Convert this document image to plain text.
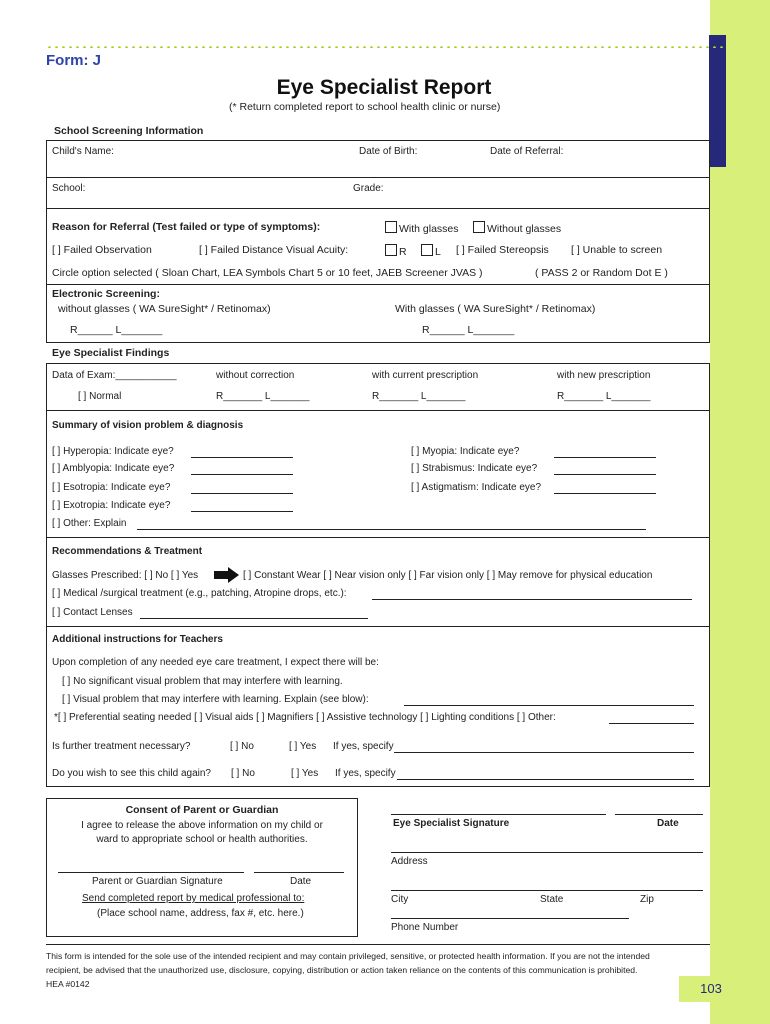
Form: J
Eye Specialist Report
(* Return completed report to school health clinic or nurse)
School Screening Information
Child's Name:	Date of Birth:	Date of Referral:
School:	Grade:
Reason for Referral (Test failed or type of symptoms):	With glasses	Without glasses
[ ] Failed Observation	[ ] Failed Distance Visual Acuity:	R	L [ ] Failed Stereopsis [ ] Unable to screen
Circle option selected ( Sloan Chart, LEA Symbols Chart 5 or 10 feet, JAEB Screener JVAS )	( PASS 2 or Random Dot E )
Electronic Screening:
without glasses ( WA SureSight* / Retinomax)	With glasses ( WA SureSight* / Retinomax)
R______ L_______	R______ L_______
Eye Specialist Findings
Data of Exam:___________	without correction	with current prescription	with new prescription
[ ] Normal	R_______ L_______	R_______ L_______	R_______ L_______
Summary of vision problem & diagnosis
[ ] Hyperopia: Indicate eye?	[ ] Myopia: Indicate eye?
[ ] Amblyopia: Indicate eye?	[ ] Strabismus: Indicate eye?
[ ] Esotropia: Indicate eye?	[ ] Astigmatism: Indicate eye?
[ ] Exotropia: Indicate eye?
[ ] Other: Explain
Recommendations & Treatment
Glasses Prescribed: [ ] No [ ] Yes	[ ] Constant Wear [ ] Near vision only [ ] Far vision only [ ] May remove for physical education
[ ] Medical /surgical treatment (e.g., patching, Atropine drops, etc.):
[ ] Contact Lenses
Additional instructions for Teachers
Upon completion of any needed eye care treatment, I expect there will be:
[ ] No significant visual problem that may interfere with learning.
[ ] Visual problem that may interfere with learning. Explain (see blow):
*[ ] Preferential seating needed [ ] Visual aids [ ] Magnifiers [ ] Assistive technology [ ] Lighting conditions [ ] Other:
Is further treatment necessary?	[ ] No	[ ] Yes If yes, specify
Do you wish to see this child again? [ ] No	[ ] Yes If yes, specify
Consent of Parent or Guardian
I agree to release the above information on my child or
ward to appropriate school or health authorities.
Parent or Guardian Signature	Date
Send completed report by medical professional to:
(Place school name, address, fax #, etc. here.)
Eye Specialist Signature	Date
Address
City	State	Zip
Phone Number
This form is intended for the sole use of the intended recipient and may contain privileged, sensitive, or protected health information. If you are not the intended
recipient, be advised that the unauthorized use, disclosure, copying, distribution or action taken reliance on the contents of this communication is prohibited.
HEA #0142	103
